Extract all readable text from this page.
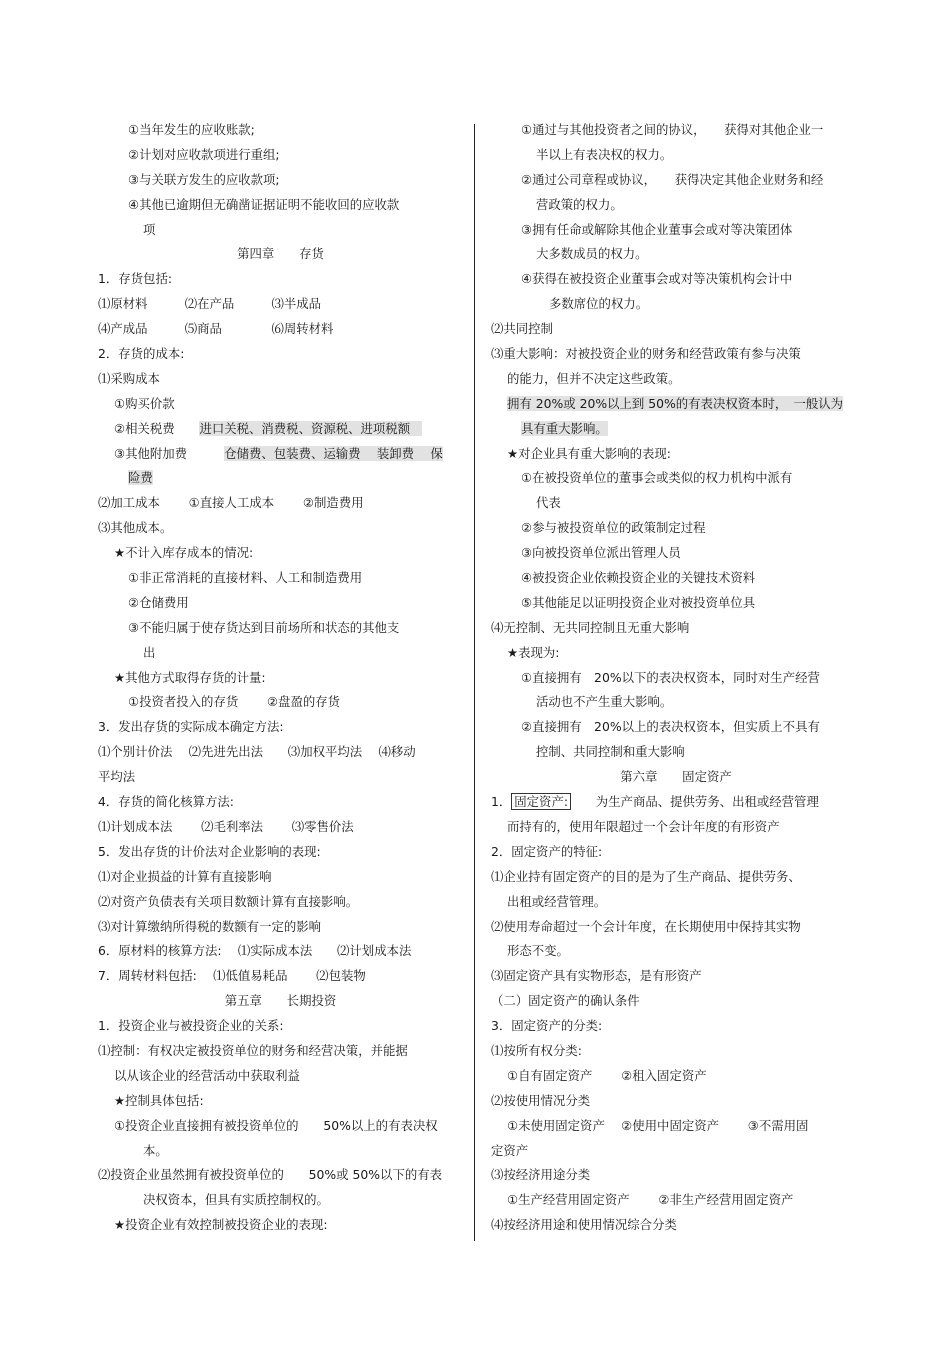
①当年发生的应收账款;
②计划对应收款项进行重组;
③与关联方发生的应收款项;
④其他已逾期但无确凿证据证明不能收回的应收款
项
第四章　　存货
1．存货包括:
⑴原材料　　　⑵在产品　　　⑶半成品
⑷产成品　　　⑸商品　　　　⑹周转材料
2．存货的成本:
⑴采购成本
①购买价款
②相关税费　　进口关税、消费税、资源税、进项税额　
③其他附加费　　　仓储费、包装费、运输费　 装卸费　 保
险费
⑵加工成本　　 ①直接人工成本　　 ②制造费用
⑶其他成本。
★不计入库存成本的情况:
①非正常消耗的直接材料、人工和制造费用
②仓储费用
③不能归属于使存货达到目前场所和状态的其他支
出
★其他方式取得存货的计量:
①投资者投入的存货　　 ②盘盈的存货
3．发出存货的实际成本确定方法:
⑴个别计价法　 ⑵先进先出法　　⑶加权平均法　 ⑷移动
平均法
4．存货的简化核算方法:
⑴计划成本法　　 ⑵毛利率法　　 ⑶零售价法
5．发出存货的计价法对企业影响的表现:
⑴对企业损益的计算有直接影响
⑵对资产负债表有关项目数额计算有直接影响。
⑶对计算缴纳所得税的数额有一定的影响
6．原材料的核算方法:　 ⑴实际成本法　　⑵计划成本法
7．周转材料包括:　 ⑴低值易耗品　　 ⑵包装物
第五章　　长期投资
1．投资企业与被投资企业的关系:
⑴控制：有权决定被投资单位的财务和经营决策，并能据
以从该企业的经营活动中获取利益
★控制具体包括:
①投资企业直接拥有被投资单位的　　50%以上的有表决权
本。
⑵投资企业虽然拥有被投资单位的　　50%或 50%以下的有表
决权资本，但具有实质控制权的。
★投资企业有效控制被投资企业的表现:
①通过与其他投资者之间的协议，　　获得对其他企业一
半以上有表决权的权力。
②通过公司章程或协议，　　获得决定其他企业财务和经
营政策的权力。
③拥有任命或解除其他企业董事会或对等决策团体
大多数成员的权力。
④获得在被投资企业董事会或对等决策机构会计中
多数席位的权力。
⑵共同控制
⑶重大影响：对被投资企业的财务和经营政策有参与决策
的能力，但并不决定这些政策。
拥有 20%或 20%以上到 50%的有表决权资本时，　一般认为
具有重大影响。
★对企业具有重大影响的表现:
①在被投资单位的董事会或类似的权力机构中派有
代表
②参与被投资单位的政策制定过程
③向被投资单位派出管理人员
④被投资企业依赖投资企业的关键技术资料
⑤其他能足以证明投资企业对被投资单位具
⑷无控制、无共同控制且无重大影响
★表现为:
①直接拥有　20%以下的表决权资本，同时对生产经营
活动也不产生重大影响。
②直接拥有　20%以上的表决权资本，但实质上不具有
控制、共同控制和重大影响
第六章　　固定资产
1． 固定资产:　　为生产商品、提供劳务、出租或经营管理
而持有的，使用年限超过一个会计年度的有形资产
2．固定资产的特征:
⑴企业持有固定资产的目的是为了生产商品、提供劳务、
出租或经营管理。
⑵使用寿命超过一个会计年度，在长期使用中保持其实物
形态不变。
⑶固定资产具有实物形态，是有形资产
（二）固定资产的确认条件
3．固定资产的分类:
⑴按所有权分类:
①自有固定资产　　 ②租入固定资产
⑵按使用情况分类
①未使用固定资产　 ②使用中固定资产　　 ③不需用固
定资产
⑶按经济用途分类
①生产经营用固定资产　　 ②非生产经营用固定资产
⑷按经济用途和使用情况综合分类
